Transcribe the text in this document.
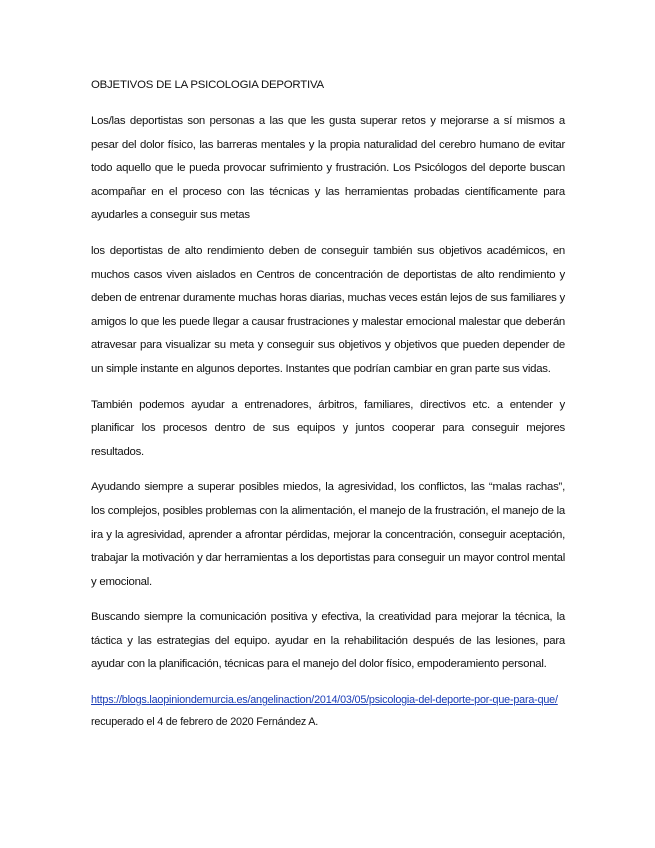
OBJETIVOS DE LA PSICOLOGIA DEPORTIVA

Los/las deportistas son personas a las que les gusta superar retos y mejorarse a sí mismos a pesar del dolor físico, las barreras mentales y la propia naturalidad del cerebro humano de evitar todo aquello que le pueda provocar sufrimiento y frustración. Los Psicólogos del deporte buscan acompañar en el proceso con las técnicas y las herramientas probadas científicamente para ayudarles a conseguir sus metas

los deportistas de alto rendimiento deben de conseguir también sus objetivos académicos, en muchos casos viven aislados en Centros de concentración de deportistas de alto rendimiento y deben de entrenar duramente muchas horas diarias, muchas veces están lejos de sus familiares y amigos lo que les puede llegar a causar frustraciones y malestar emocional malestar que deberán atravesar para visualizar su meta y conseguir sus objetivos y objetivos que pueden depender de un simple instante en algunos deportes. Instantes que podrían cambiar en gran parte sus vidas.

También podemos ayudar a entrenadores, árbitros, familiares, directivos etc. a entender y planificar los procesos dentro de sus equipos y juntos cooperar para conseguir mejores resultados.

Ayudando siempre a superar posibles miedos, la agresividad, los conflictos, las “malas rachas”, los complejos, posibles problemas con la alimentación, el manejo de la frustración, el manejo de la ira y la agresividad, aprender a afrontar pérdidas, mejorar la concentración, conseguir aceptación, trabajar la motivación y dar herramientas a los deportistas para conseguir un mayor control mental y emocional.

Buscando siempre la comunicación positiva y efectiva, la creatividad para mejorar la técnica, la táctica y las estrategias del equipo. ayudar en la rehabilitación después de las lesiones, para ayudar con la planificación, técnicas para el manejo del dolor físico, empoderamiento personal.

https://blogs.laopiniondemurcia.es/angelinaction/2014/03/05/psicologia-del-deporte-por-que-para-que/ recuperado el 4 de febrero de 2020 Fernández A.
